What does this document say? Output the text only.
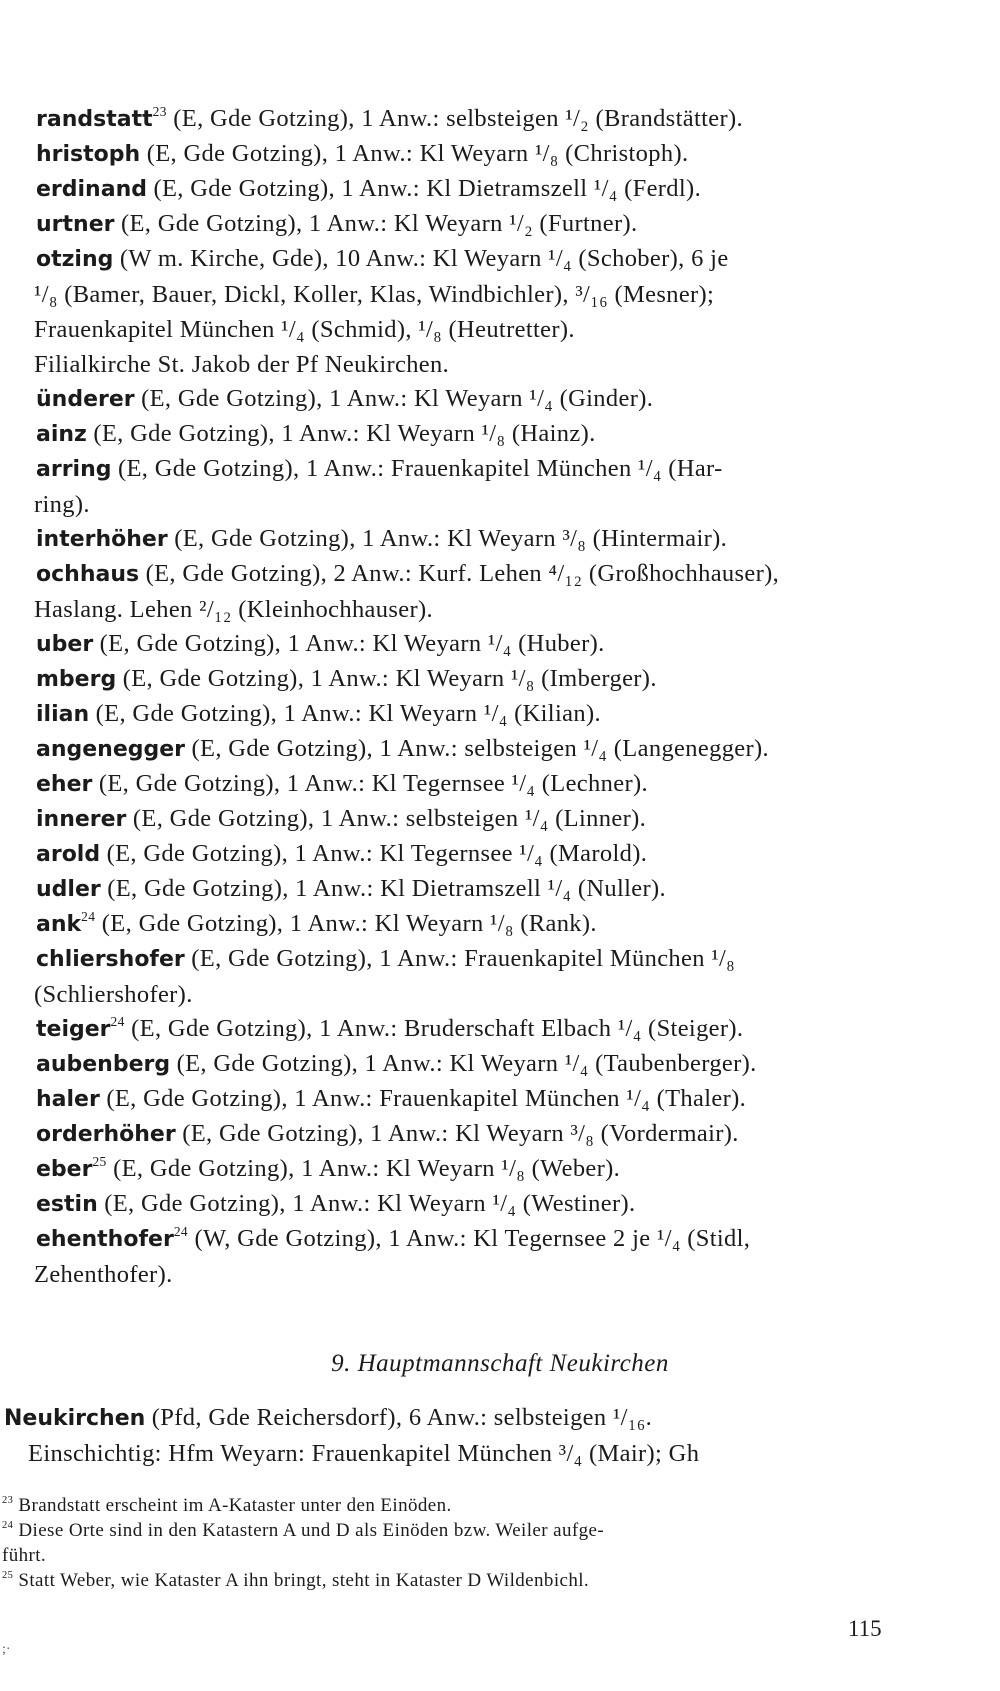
randstatt$^{23}$ (E, Gde Gotzing), 1 Anw.: selbsteigen ¹/₂ (Brandstätter).
hristoph (E, Gde Gotzing), 1 Anw.: Kl Weyarn ¹/₈ (Christoph).
erdinand (E, Gde Gotzing), 1 Anw.: Kl Dietramszell ¹/₄ (Ferdl).
urtner (E, Gde Gotzing), 1 Anw.: Kl Weyarn ¹/₂ (Furtner).
otzing (W m. Kirche, Gde), 10 Anw.: Kl Weyarn ¹/₄ (Schober), 6 je
¹/₈ (Bamer, Bauer, Dickl, Koller, Klas, Windbichler), ³/₁₆ (Mesner);
Frauenkapitel München ¹/₄ (Schmid), ¹/₈ (Heutretter).
Filialkirche St. Jakob der Pf Neukirchen.
ünderer (E, Gde Gotzing), 1 Anw.: Kl Weyarn ¹/₄ (Ginder).
ainz (E, Gde Gotzing), 1 Anw.: Kl Weyarn ¹/₈ (Hainz).
arring (E, Gde Gotzing), 1 Anw.: Frauenkapitel München ¹/₄ (Har-
ring).
interhöher (E, Gde Gotzing), 1 Anw.: Kl Weyarn ³/₈ (Hintermair).
ochhaus (E, Gde Gotzing), 2 Anw.: Kurf. Lehen ⁴/₁₂ (Großhochhauser),
Haslang. Lehen ²/₁₂ (Kleinhochhauser).
uber (E, Gde Gotzing), 1 Anw.: Kl Weyarn ¹/₄ (Huber).
mberg (E, Gde Gotzing), 1 Anw.: Kl Weyarn ¹/₈ (Imberger).
ilian (E, Gde Gotzing), 1 Anw.: Kl Weyarn ¹/₄ (Kilian).
angenegger (E, Gde Gotzing), 1 Anw.: selbsteigen ¹/₄ (Langenegger).
eher (E, Gde Gotzing), 1 Anw.: Kl Tegernsee ¹/₄ (Lechner).
innerer (E, Gde Gotzing), 1 Anw.: selbsteigen ¹/₄ (Linner).
arold (E, Gde Gotzing), 1 Anw.: Kl Tegernsee ¹/₄ (Marold).
udler (E, Gde Gotzing), 1 Anw.: Kl Dietramszell ¹/₄ (Nuller).
ank$^{24}$ (E, Gde Gotzing), 1 Anw.: Kl Weyarn ¹/₈ (Rank).
chliershofer (E, Gde Gotzing), 1 Anw.: Frauenkapitel München ¹/₈
(Schliershofer).
teiger$^{24}$ (E, Gde Gotzing), 1 Anw.: Bruderschaft Elbach ¹/₄ (Steiger).
aubenberg (E, Gde Gotzing), 1 Anw.: Kl Weyarn ¹/₄ (Taubenberger).
haler (E, Gde Gotzing), 1 Anw.: Frauenkapitel München ¹/₄ (Thaler).
orderhöher (E, Gde Gotzing), 1 Anw.: Kl Weyarn ³/₈ (Vordermair).
eber$^{25}$ (E, Gde Gotzing), 1 Anw.: Kl Weyarn ¹/₈ (Weber).
estin (E, Gde Gotzing), 1 Anw.: Kl Weyarn ¹/₄ (Westiner).
ehenthofer$^{24}$ (W, Gde Gotzing), 1 Anw.: Kl Tegernsee 2 je ¹/₄ (Stidl,
Zehenthofer).
9. Hauptmannschaft Neukirchen
Neukirchen (Pfd, Gde Reichersdorf), 6 Anw.: selbsteigen ¹/₁₆.
Einschichtig: Hfm Weyarn: Frauenkapitel München ³/₄ (Mair); Gh
$^{23}$ Brandstatt erscheint im A-Kataster unter den Einöden.
$^{24}$ Diese Orte sind in den Katastern A und D als Einöden bzw. Weiler aufge-
führt.
$^{25}$ Statt Weber, wie Kataster A ihn bringt, steht in Kataster D Wildenbichl.
115
;·
